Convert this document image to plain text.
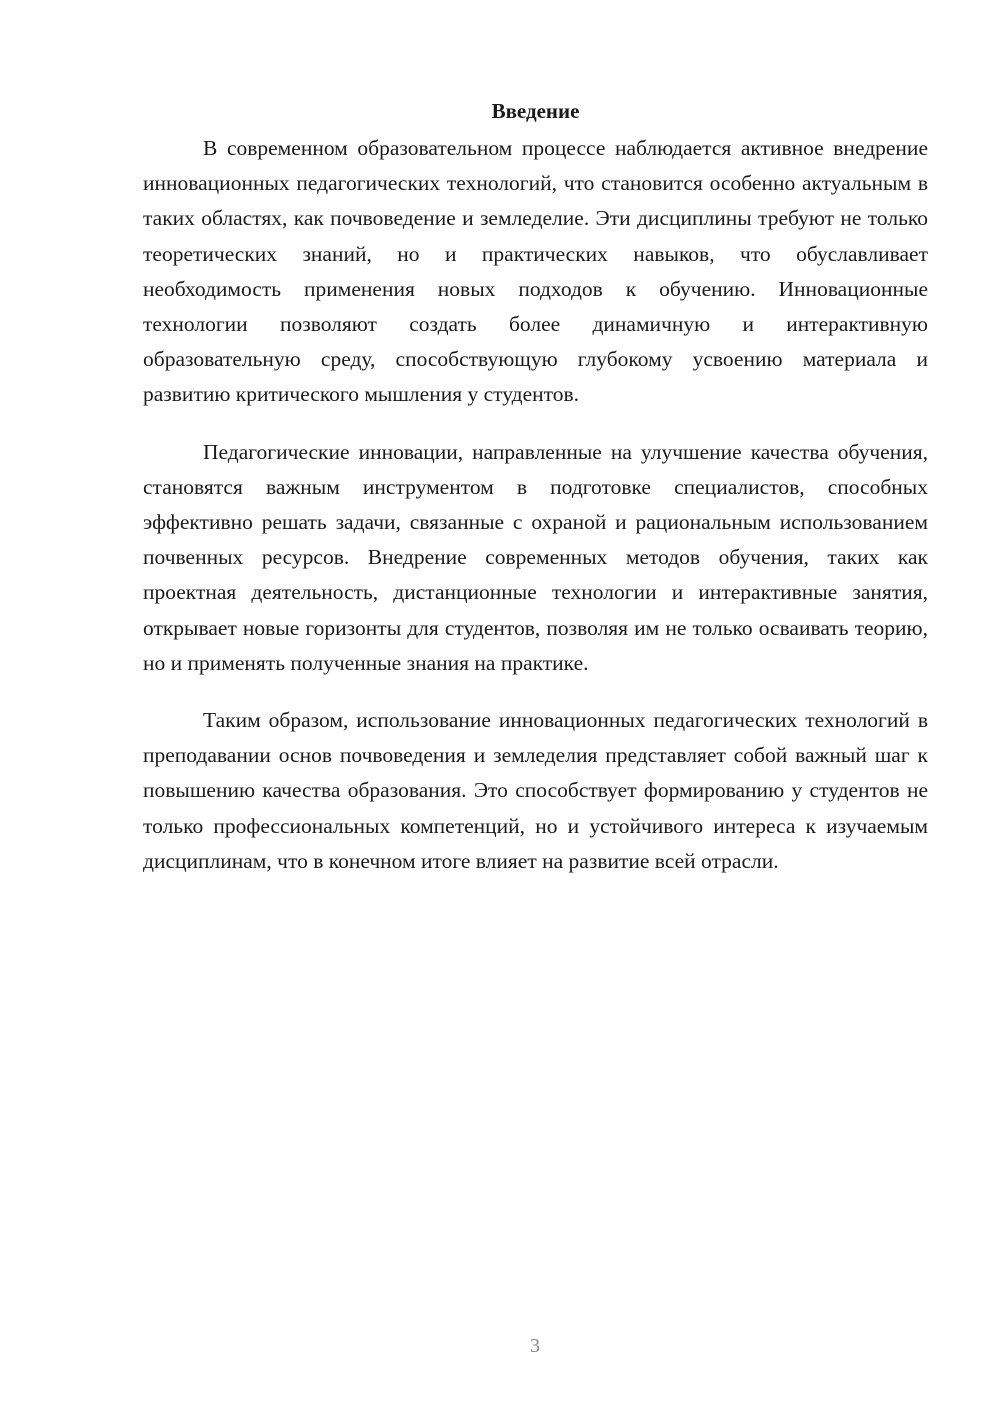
Введение

В современном образовательном процессе наблюдается активное внедрение инновационных педагогических технологий, что становится особенно актуальным в таких областях, как почвоведение и земледелие. Эти дисциплины требуют не только теоретических знаний, но и практических навыков, что обуславливает необходимость применения новых подходов к обучению. Инновационные технологии позволяют создать более динамичную и интерактивную образовательную среду, способствующую глубокому усвоению материала и развитию критического мышления у студентов.

Педагогические инновации, направленные на улучшение качества обучения, становятся важным инструментом в подготовке специалистов, способных эффективно решать задачи, связанные с охраной и рациональным использованием почвенных ресурсов. Внедрение современных методов обучения, таких как проектная деятельность, дистанционные технологии и интерактивные занятия, открывает новые горизонты для студентов, позволяя им не только осваивать теорию, но и применять полученные знания на практике.

Таким образом, использование инновационных педагогических технологий в преподавании основ почвоведения и земледелия представляет собой важный шаг к повышению качества образования. Это способствует формированию у студентов не только профессиональных компетенций, но и устойчивого интереса к изучаемым дисциплинам, что в конечном итоге влияет на развитие всей отрасли.

3
